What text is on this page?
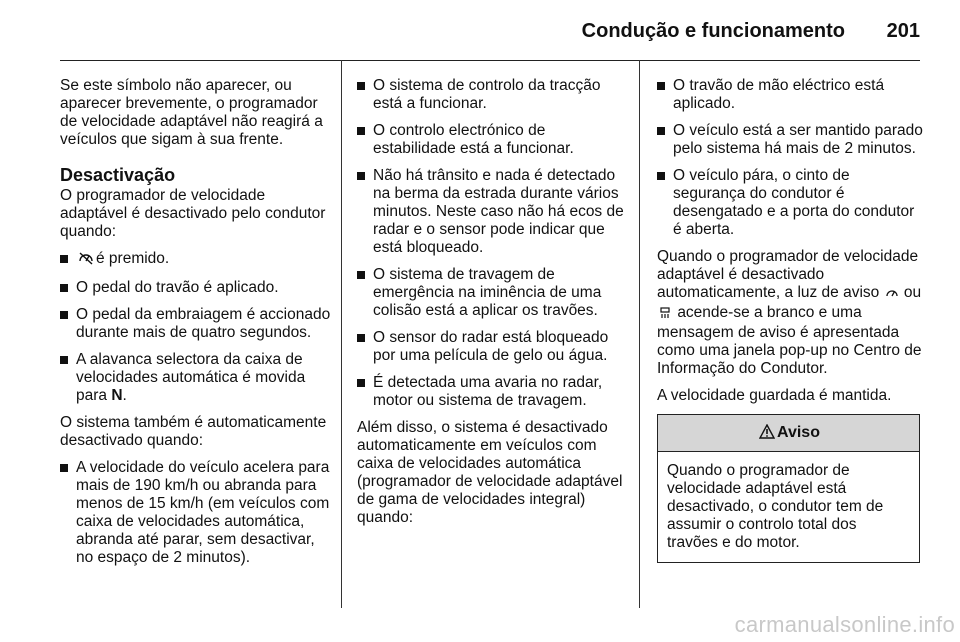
Condução e funcionamento 201

Se este símbolo não aparecer, ou aparecer brevemente, o programador de velocidade adaptável não reagirá a veículos que sigam à sua frente.

Desactivação

O programador de velocidade adaptável é desactivado pelo condutor quando:

é premido.
O pedal do travão é aplicado.
O pedal da embraiagem é accionado durante mais de quatro segundos.
A alavanca selectora da caixa de velocidades automática é movida para N.

O sistema também é automaticamente desactivado quando:

A velocidade do veículo acelera para mais de 190 km/h ou abranda para menos de 15 km/h (em veículos com caixa de velocidades automática, abranda até parar, sem desactivar, no espaço de 2 minutos).
O sistema de controlo da tracção está a funcionar.
O controlo electrónico de estabilidade está a funcionar.
Não há trânsito e nada é detectado na berma da estrada durante vários minutos. Neste caso não há ecos de radar e o sensor pode indicar que está bloqueado.
O sistema de travagem de emergência na iminência de uma colisão está a aplicar os travões.
O sensor do radar está bloqueado por uma película de gelo ou água.
É detectada uma avaria no radar, motor ou sistema de travagem.

Além disso, o sistema é desactivado automaticamente em veículos com caixa de velocidades automática (programador de velocidade adaptável de gama de velocidades integral) quando:

O travão de mão eléctrico está aplicado.
O veículo está a ser mantido parado pelo sistema há mais de 2 minutos.
O veículo pára, o cinto de segurança do condutor é desengatado e a porta do condutor é aberta.

Quando o programador de velocidade adaptável é desactivado automaticamente, a luz de aviso ou  acende-se a branco e uma mensagem de aviso é apresentada como uma janela pop-up no Centro de Informação do Condutor.

A velocidade guardada é mantida.

Aviso
Quando o programador de velocidade adaptável está desactivado, o condutor tem de assumir o controlo total dos travões e do motor.
carmanualsonline.info
